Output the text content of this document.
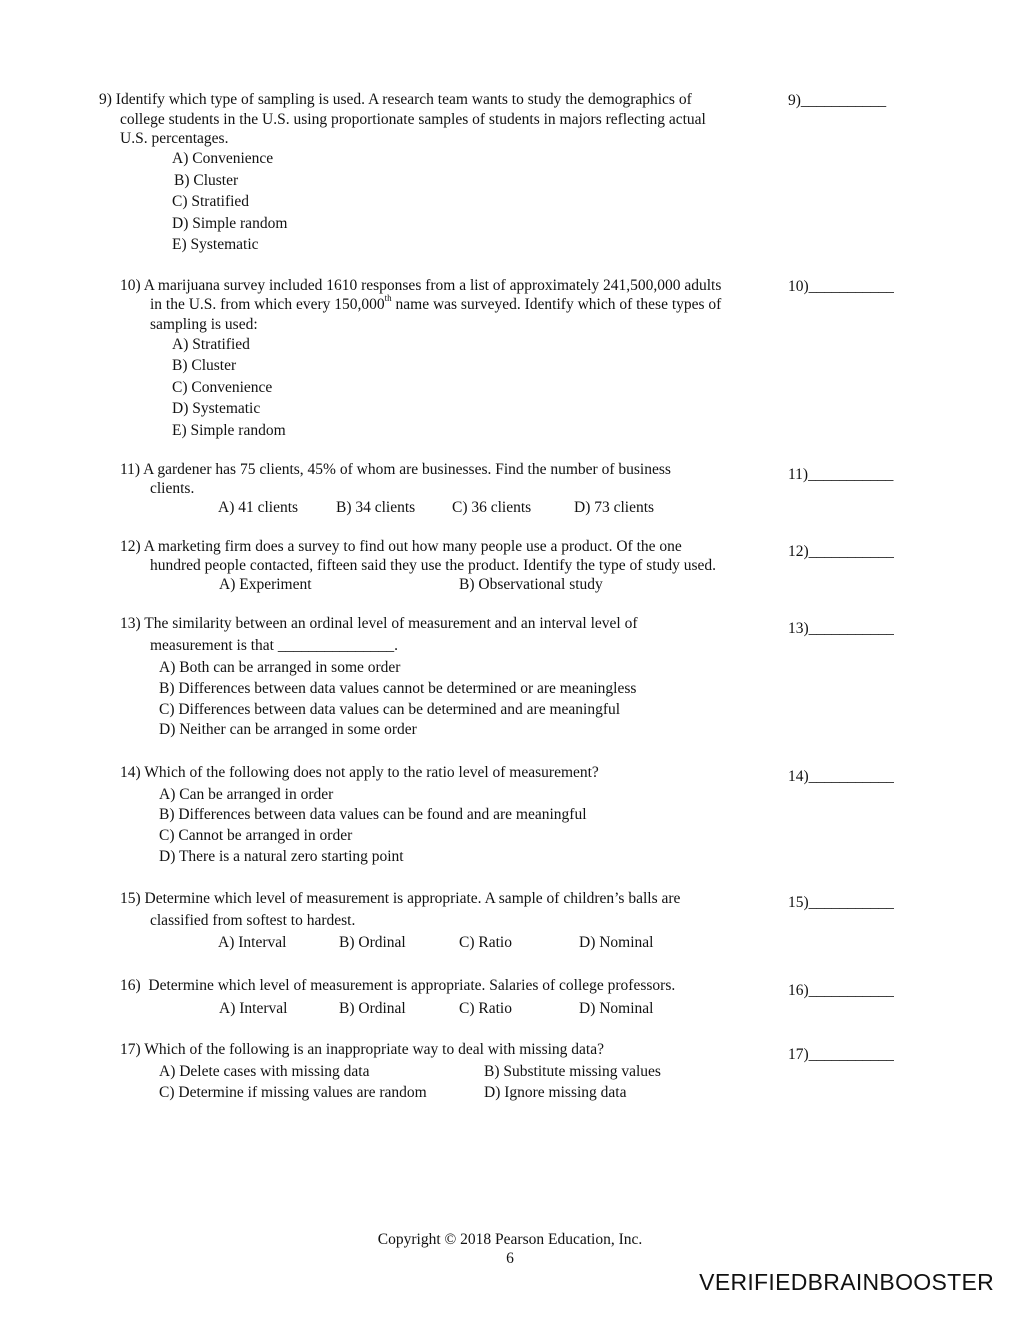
9) Identify which type of sampling is used. A research team wants to study the demographics of
college students in the U.S. using proportionate samples of students in majors reflecting actual
U.S. percentages.
A) Convenience
B) Cluster
C) Stratified
D) Simple random
E) Systematic
9)___________
10) A marijuana survey included 1610 responses from a list of approximately 241,500,000 adults
in the U.S. from which every 150,000th name was surveyed. Identify which of these types of
sampling is used:
A) Stratified
B) Cluster
C) Convenience
D) Systematic
E) Simple random
10)___________
11) A gardener has 75 clients, 45% of whom are businesses. Find the number of business
clients.
A) 41 clients B) 34 clients C) 36 clients	D) 73 clients
11)___________
12) A marketing firm does a survey to find out how many people use a product. Of the one
hundred people contacted, fifteen said they use the product. Identify the type of study used.
A) Experiment	B) Observational study
12)___________
13) The similarity between an ordinal level of measurement and an interval level of
measurement is that _______________.
A) Both can be arranged in some order
B) Differences between data values cannot be determined or are meaningless
C) Differences between data values can be determined and are meaningful
D) Neither can be arranged in some order
13)___________
14) Which of the following does not apply to the ratio level of measurement?
A) Can be arranged in order
B) Differences between data values can be found and are meaningful
C) Cannot be arranged in order
D) There is a natural zero starting point
14)___________
15) Determine which level of measurement is appropriate. A sample of children’s balls are
classified from softest to hardest.
A) Interval	B) Ordinal	C) Ratio	D) Nominal
15)___________
16)  Determine which level of measurement is appropriate. Salaries of college professors.
A) Interval	B) Ordinal	C) Ratio	D) Nominal
16)___________
17) Which of the following is an inappropriate way to deal with missing data?
A) Delete cases with missing data	B) Substitute missing values
C) Determine if missing values are random	D) Ignore missing data
17)___________
Copyright © 2018 Pearson Education, Inc.
6
VERIFIEDBRAINBOOSTER
